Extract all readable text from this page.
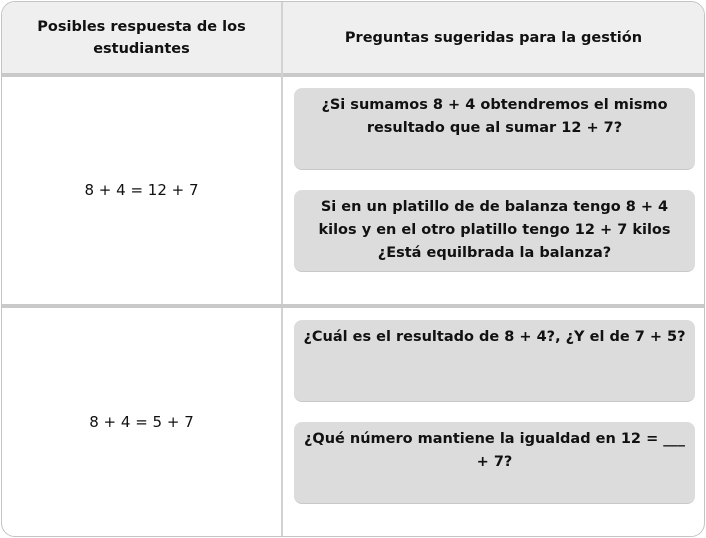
Posibles respuesta de los estudiantes
Preguntas sugeridas para la gestión
8 + 4 = 12 + 7
¿Si sumamos 8 + 4 obtendremos el mismo resultado que al sumar 12 + 7?
Si en un platillo de de balanza tengo 8 + 4 kilos y en el otro platillo tengo 12 + 7 kilos ¿Está equilbrada la balanza?
8 + 4 = 5 + 7
¿Cuál es el resultado de 8 + 4?, ¿Y el de 7 + 5?
¿Qué número mantiene la igualdad en 12 = ___ + 7?
